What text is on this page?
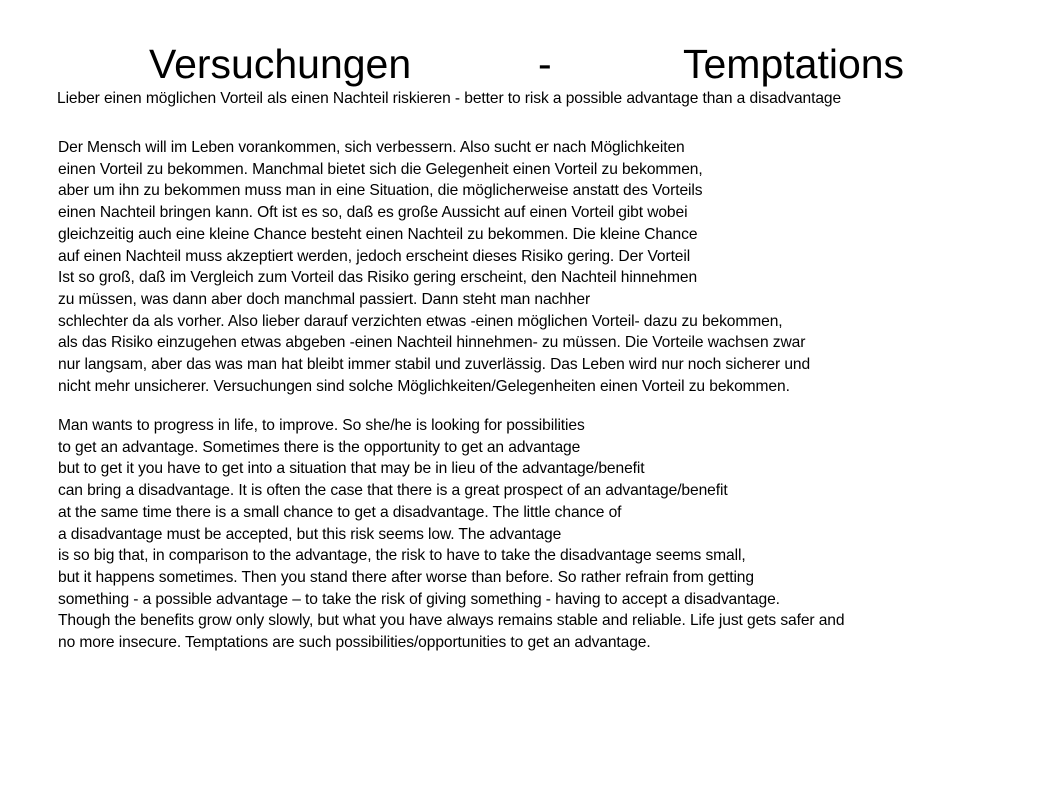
Versuchungen	-	Temptations
Lieber einen möglichen Vorteil als einen Nachteil riskieren - better to risk a possible advantage than a disadvantage
Der Mensch will im Leben vorankommen, sich verbessern. Also sucht er nach Möglichkeiten
einen Vorteil zu bekommen. Manchmal bietet sich die Gelegenheit einen Vorteil zu bekommen,
aber um ihn zu bekommen muss man in eine Situation, die möglicherweise anstatt des Vorteils
einen Nachteil bringen kann. Oft ist es so, daß es große Aussicht auf einen Vorteil gibt wobei
gleichzeitig auch eine kleine Chance besteht einen Nachteil zu bekommen. Die kleine Chance
auf einen Nachteil muss akzeptiert werden, jedoch erscheint dieses Risiko gering. Der Vorteil
Ist so groß, daß im Vergleich zum Vorteil das Risiko gering erscheint, den Nachteil hinnehmen
zu müssen, was dann aber doch manchmal passiert. Dann steht man nachher
schlechter da als vorher. Also lieber darauf verzichten etwas -einen möglichen Vorteil- dazu zu bekommen,
als das Risiko einzugehen etwas abgeben -einen Nachteil hinnehmen- zu müssen. Die Vorteile wachsen zwar
nur langsam, aber das was man hat bleibt immer stabil und zuverlässig. Das Leben wird nur noch sicherer und
nicht mehr unsicherer. Versuchungen sind solche Möglichkeiten/Gelegenheiten einen Vorteil zu bekommen.
Man wants to progress in life, to improve. So she/he is looking for possibilities
to get an advantage. Sometimes there is the opportunity to get an advantage
but to get it you have to get into a situation that may be in lieu of the advantage/benefit
can bring a disadvantage. It is often the case that there is a great prospect of an advantage/benefit
at the same time there is a small chance to get a disadvantage. The little chance of
a disadvantage must be accepted, but this risk seems low. The advantage
is so big that, in comparison to the advantage, the risk to have to take the disadvantage seems small,
but it happens sometimes. Then you stand there after worse than before. So rather refrain from getting
something - a possible advantage – to take the risk of giving something - having to accept a disadvantage.
Though the benefits grow only slowly, but what you have always remains stable and reliable. Life just gets safer and
no more insecure. Temptations are such possibilities/opportunities to get an advantage.
